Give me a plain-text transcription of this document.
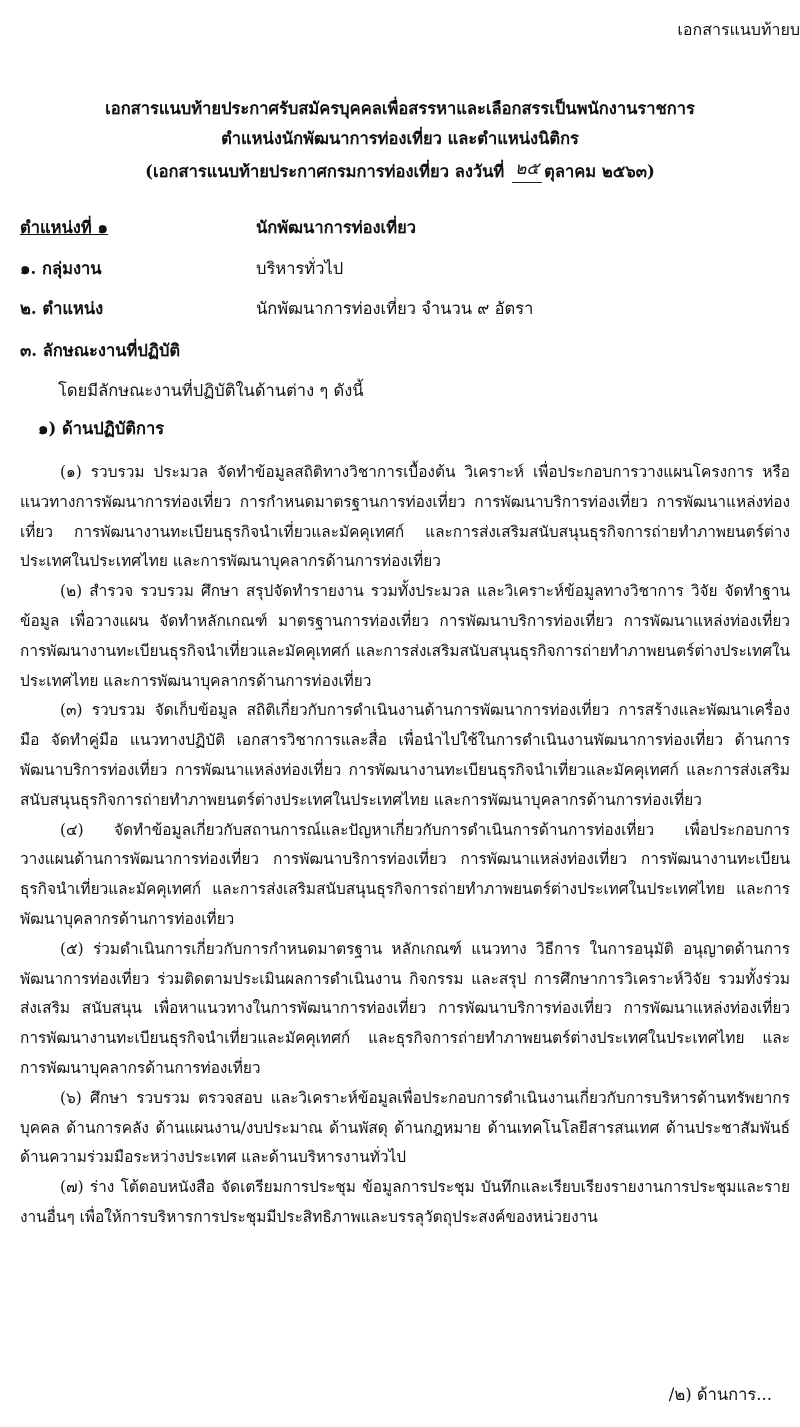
เอกสารแนบท้ายบ
เอกสารแนบท้ายประกาศรับสมัครบุคคลเพื่อสรรหาและเลือกสรรเป็นพนักงานราชการ
ตำแหน่งนักพัฒนาการท่องเที่ยว และตำแหน่งนิติกร
(เอกสารแนบท้ายประกาศกรมการท่องเที่ยว ลงวันที่ ๒๕ ตุลาคม ๒๕๖๓)
ตำแหน่งที่ ๑	นักพัฒนาการท่องเที่ยว
๑. กลุ่มงาน	บริหารทั่วไป
๒. ตำแหน่ง	นักพัฒนาการท่องเที่ยว จำนวน ๙ อัตรา
๓. ลักษณะงานที่ปฏิบัติ
โดยมีลักษณะงานที่ปฏิบัติในด้านต่าง ๆ ดังนี้
๑) ด้านปฏิบัติการ

(๑) รวบรวม ประมวล จัดทำข้อมูลสถิติทางวิชาการเบื้องต้น วิเคราะห์ เพื่อประกอบการวางแผนโครงการ หรือแนวทางการพัฒนาการท่องเที่ยว การกำหนดมาตรฐานการท่องเที่ยว การพัฒนาบริการท่องเที่ยว การพัฒนาแหล่งท่องเที่ยว การพัฒนางานทะเบียนธุรกิจนำเที่ยวและมัคคุเทศก์ และการส่งเสริมสนับสนุนธุรกิจการถ่ายทำภาพยนตร์ต่างประเทศในประเทศไทย และการพัฒนาบุคลากรด้านการท่องเที่ยว

(๒) สำรวจ รวบรวม ศึกษา สรุปจัดทำรายงาน รวมทั้งประมวล และวิเคราะห์ข้อมูลทางวิชาการ วิจัย จัดทำฐานข้อมูล เพื่อวางแผน จัดทำหลักเกณฑ์ มาตรฐานการท่องเที่ยว การพัฒนาบริการท่องเที่ยว การพัฒนาแหล่งท่องเที่ยว การพัฒนางานทะเบียนธุรกิจนำเที่ยวและมัคคุเทศก์ และการส่งเสริมสนับสนุนธุรกิจการถ่ายทำภาพยนตร์ต่างประเทศในประเทศไทย และการพัฒนาบุคลากรด้านการท่องเที่ยว

(๓) รวบรวม จัดเก็บข้อมูล สถิติเกี่ยวกับการดำเนินงานด้านการพัฒนาการท่องเที่ยว การสร้างและพัฒนาเครื่องมือ จัดทำคู่มือ แนวทางปฏิบัติ เอกสารวิชาการและสื่อ เพื่อนำไปใช้ในการดำเนินงานพัฒนาการท่องเที่ยว ด้านการพัฒนาบริการท่องเที่ยว การพัฒนาแหล่งท่องเที่ยว การพัฒนางานทะเบียนธุรกิจนำเที่ยวและมัคคุเทศก์ และการส่งเสริมสนับสนุนธุรกิจการถ่ายทำภาพยนตร์ต่างประเทศในประเทศไทย และการพัฒนาบุคลากรด้านการท่องเที่ยว

(๔) จัดทำข้อมูลเกี่ยวกับสถานการณ์และปัญหาเกี่ยวกับการดำเนินการด้านการท่องเที่ยว เพื่อประกอบการวางแผนด้านการพัฒนาการท่องเที่ยว การพัฒนาบริการท่องเที่ยว การพัฒนาแหล่งท่องเที่ยว การพัฒนางานทะเบียนธุรกิจนำเที่ยวและมัคคุเทศก์ และการส่งเสริมสนับสนุนธุรกิจการถ่ายทำภาพยนตร์ต่างประเทศในประเทศไทย และการพัฒนาบุคลากรด้านการท่องเที่ยว

(๕) ร่วมดำเนินการเกี่ยวกับการกำหนดมาตรฐาน หลักเกณฑ์ แนวทาง วิธีการ ในการอนุมัติ อนุญาตด้านการพัฒนาการท่องเที่ยว ร่วมติดตามประเมินผลการดำเนินงาน กิจกรรม และสรุป การศึกษาการวิเคราะห์วิจัย รวมทั้งร่วมส่งเสริม สนับสนุน เพื่อหาแนวทางในการพัฒนาการท่องเที่ยว การพัฒนาบริการท่องเที่ยว การพัฒนาแหล่งท่องเที่ยว การพัฒนางานทะเบียนธุรกิจนำเที่ยวและมัคคุเทศก์ และธุรกิจการถ่ายทำภาพยนตร์ต่างประเทศในประเทศไทย และการพัฒนาบุคลากรด้านการท่องเที่ยว

(๖) ศึกษา รวบรวม ตรวจสอบ และวิเคราะห์ข้อมูลเพื่อประกอบการดำเนินงานเกี่ยวกับการบริหารด้านทรัพยากรบุคคล ด้านการคลัง ด้านแผนงาน/งบประมาณ ด้านพัสดุ ด้านกฎหมาย ด้านเทคโนโลยีสารสนเทศ ด้านประชาสัมพันธ์ ด้านความร่วมมือระหว่างประเทศ และด้านบริหารงานทั่วไป

(๗) ร่าง โต้ตอบหนังสือ จัดเตรียมการประชุม ข้อมูลการประชุม บันทึกและเรียบเรียงรายงานการประชุมและรายงานอื่นๆ เพื่อให้การบริหารการประชุมมีประสิทธิภาพและบรรลุวัตถุประสงค์ของหน่วยงาน

/๒) ด้านการ...
